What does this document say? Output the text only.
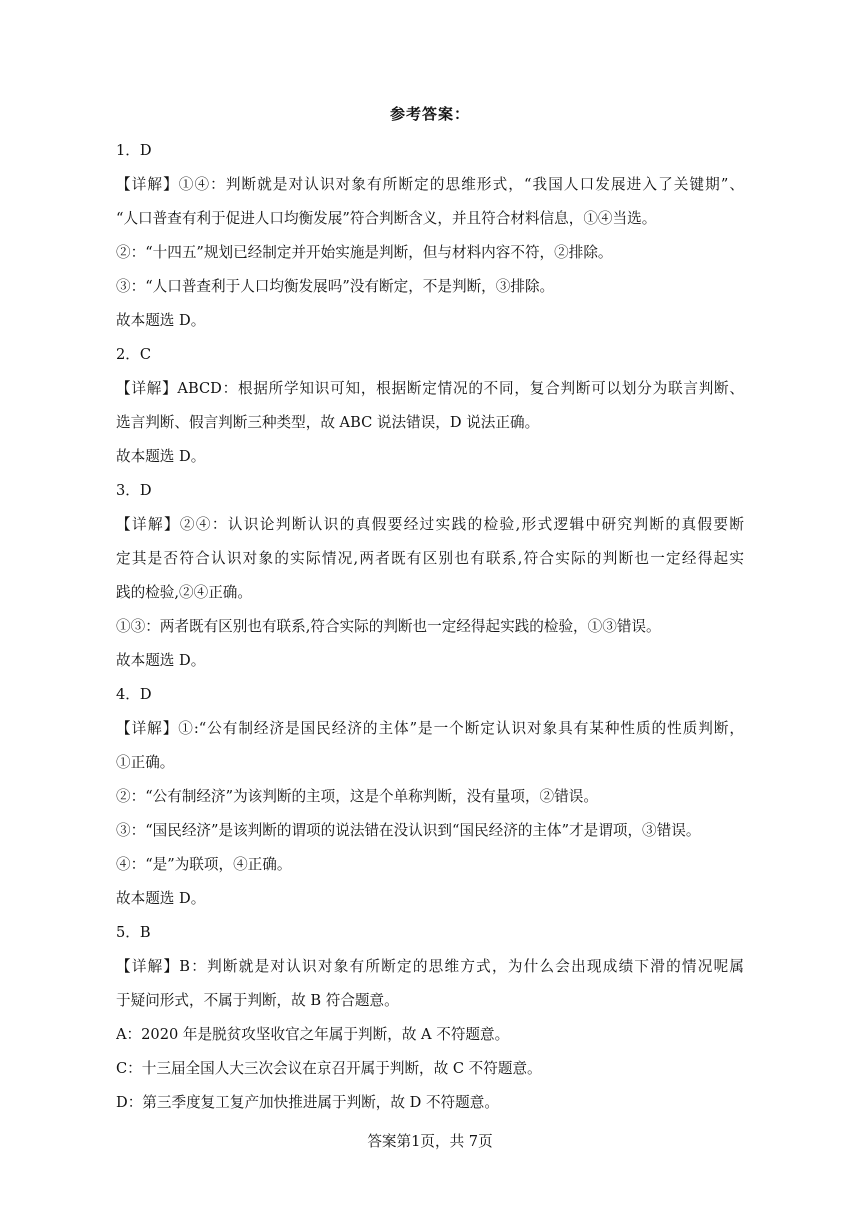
参考答案：
1．D
【详解】①④：判断就是对认识对象有所断定的思维形式，“我国人口发展进入了关键期”、
“人口普查有利于促进人口均衡发展”符合判断含义，并且符合材料信息，①④当选。
②：“十四五”规划已经制定并开始实施是判断，但与材料内容不符，②排除。
③：“人口普查利于人口均衡发展吗”没有断定，不是判断，③排除。
故本题选 D。
2．C
【详解】ABCD：根据所学知识可知，根据断定情况的不同，复合判断可以划分为联言判断、
选言判断、假言判断三种类型，故 ABC 说法错误，D 说法正确。
故本题选 D。
3．D
【详解】②④：认识论判断认识的真假要经过实践的检验,形式逻辑中研究判断的真假要断
定其是否符合认识对象的实际情况,两者既有区别也有联系,符合实际的判断也一定经得起实
践的检验,②④正确。
①③：两者既有区别也有联系,符合实际的判断也一定经得起实践的检验，①③错误。
故本题选 D。
4．D
【详解】①:“公有制经济是国民经济的主体”是一个断定认识对象具有某种性质的性质判断，
①正确。
②：“公有制经济”为该判断的主项，这是个单称判断，没有量项，②错误。
③：“国民经济”是该判断的谓项的说法错在没认识到“国民经济的主体”才是谓项，③错误。
④：“是”为联项，④正确。
故本题选 D。
5．B
【详解】B：判断就是对认识对象有所断定的思维方式，为什么会出现成绩下滑的情况呢属
于疑问形式，不属于判断，故 B 符合题意。
A：2020 年是脱贫攻坚收官之年属于判断，故 A 不符题意。
C：十三届全国人大三次会议在京召开属于判断，故 C 不符题意。
D：第三季度复工复产加快推进属于判断，故 D 不符题意。
答案第1页，共 7页
